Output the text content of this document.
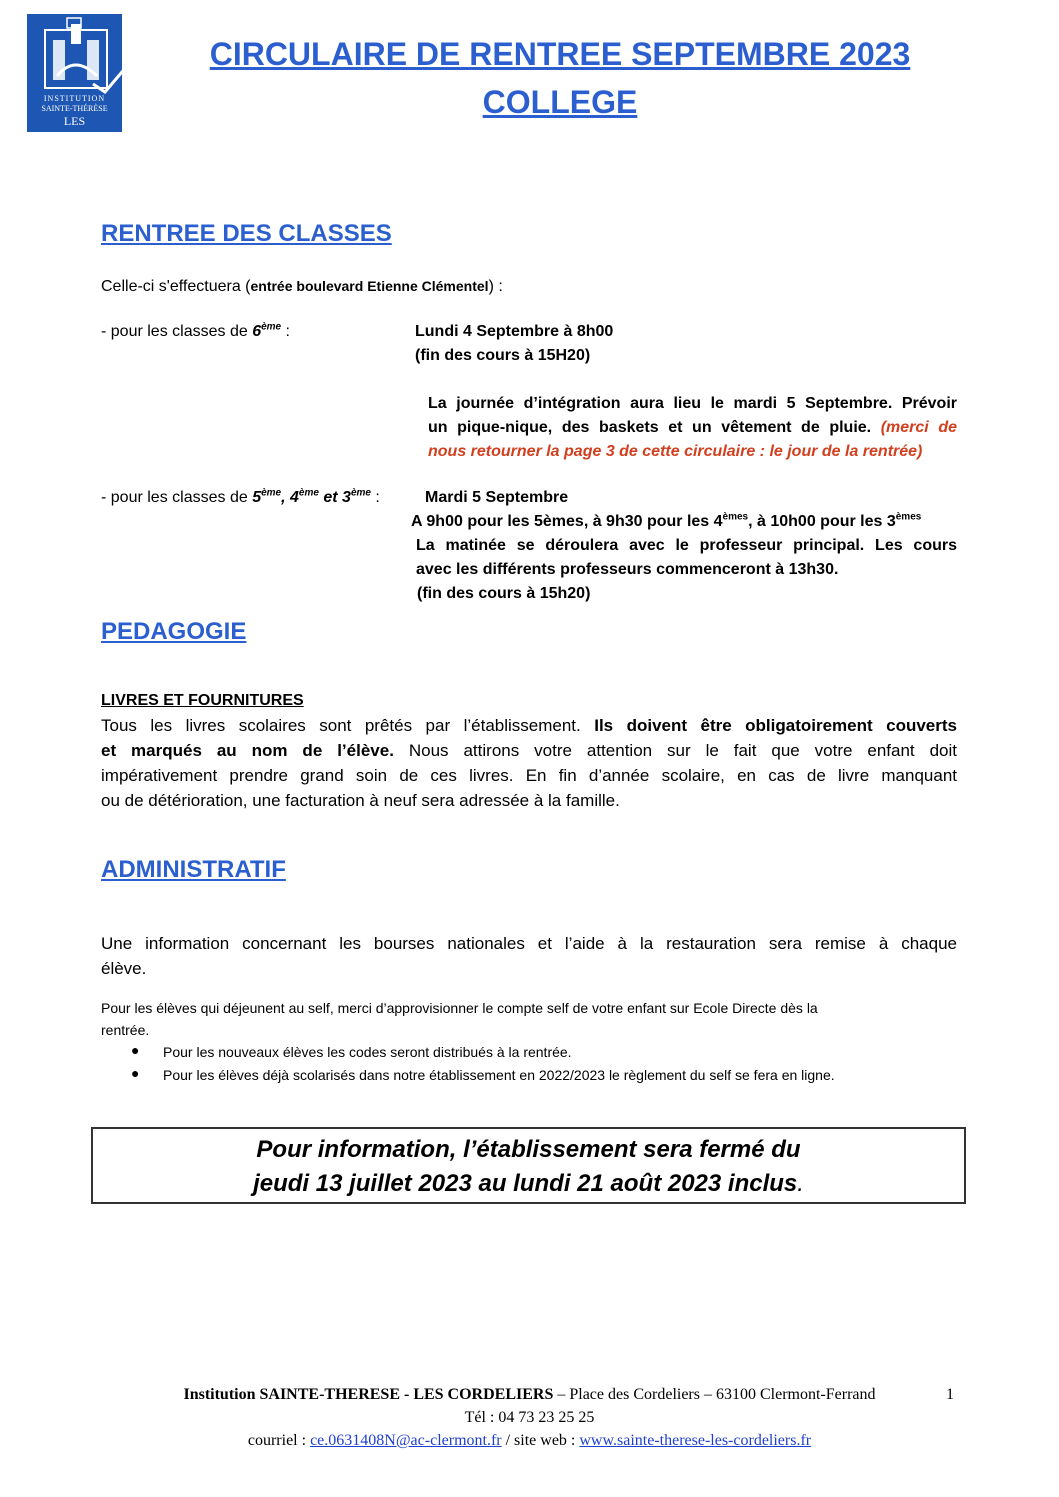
INSTITUTION
SAINTE-THÉRÈSE
LES CORDELIERS
CIRCULAIRE DE RENTREE SEPTEMBRE 2023
COLLEGE
RENTREE DES CLASSES
Celle-ci s'effectuera (entrée boulevard Etienne Clémentel) :
- pour les classes de 6ème :	Lundi 4 Septembre à 8h00
(fin des cours à 15H20)
La journée d’intégration aura lieu le mardi 5 Septembre. Prévoir
un pique-nique, des baskets et un vêtement de pluie. (merci de
nous retourner la page 3 de cette circulaire : le jour de la rentrée)
- pour les classes de 5ème, 4ème et 3ème :	Mardi 5 Septembre
A 9h00 pour les 5èmes, à 9h30 pour les 4èmes, à 10h00 pour les 3èmes
La matinée se déroulera avec le professeur principal. Les cours
avec les différents professeurs commenceront à 13h30.
(fin des cours à 15h20)
PEDAGOGIE
LIVRES ET FOURNITURES
Tous les livres scolaires sont prêtés par l’établissement. Ils doivent être obligatoirement couverts
et marqués au nom de l’élève. Nous attirons votre attention sur le fait que votre enfant doit
impérativement prendre grand soin de ces livres. En fin d’année scolaire, en cas de livre manquant
ou de détérioration, une facturation à neuf sera adressée à la famille.
ADMINISTRATIF
Une information concernant les bourses nationales et l’aide à la restauration sera remise à chaque
élève.
Pour les élèves qui déjeunent au self, merci d’approvisionner le compte self de votre enfant sur Ecole Directe dès la
rentrée.
● Pour les nouveaux élèves les codes seront distribués à la rentrée.
● Pour les élèves déjà scolarisés dans notre établissement en 2022/2023 le règlement du self se fera en ligne.
Pour information, l’établissement sera fermé du
jeudi 13 juillet 2023 au lundi 21 août 2023 inclus.
Institution SAINTE-THERESE - LES CORDELIERS – Place des Cordeliers – 63100 Clermont-Ferrand	1
Tél : 04 73 23 25 25
courriel : ce.0631408N@ac-clermont.fr / site web : www.sainte-therese-les-cordeliers.fr
